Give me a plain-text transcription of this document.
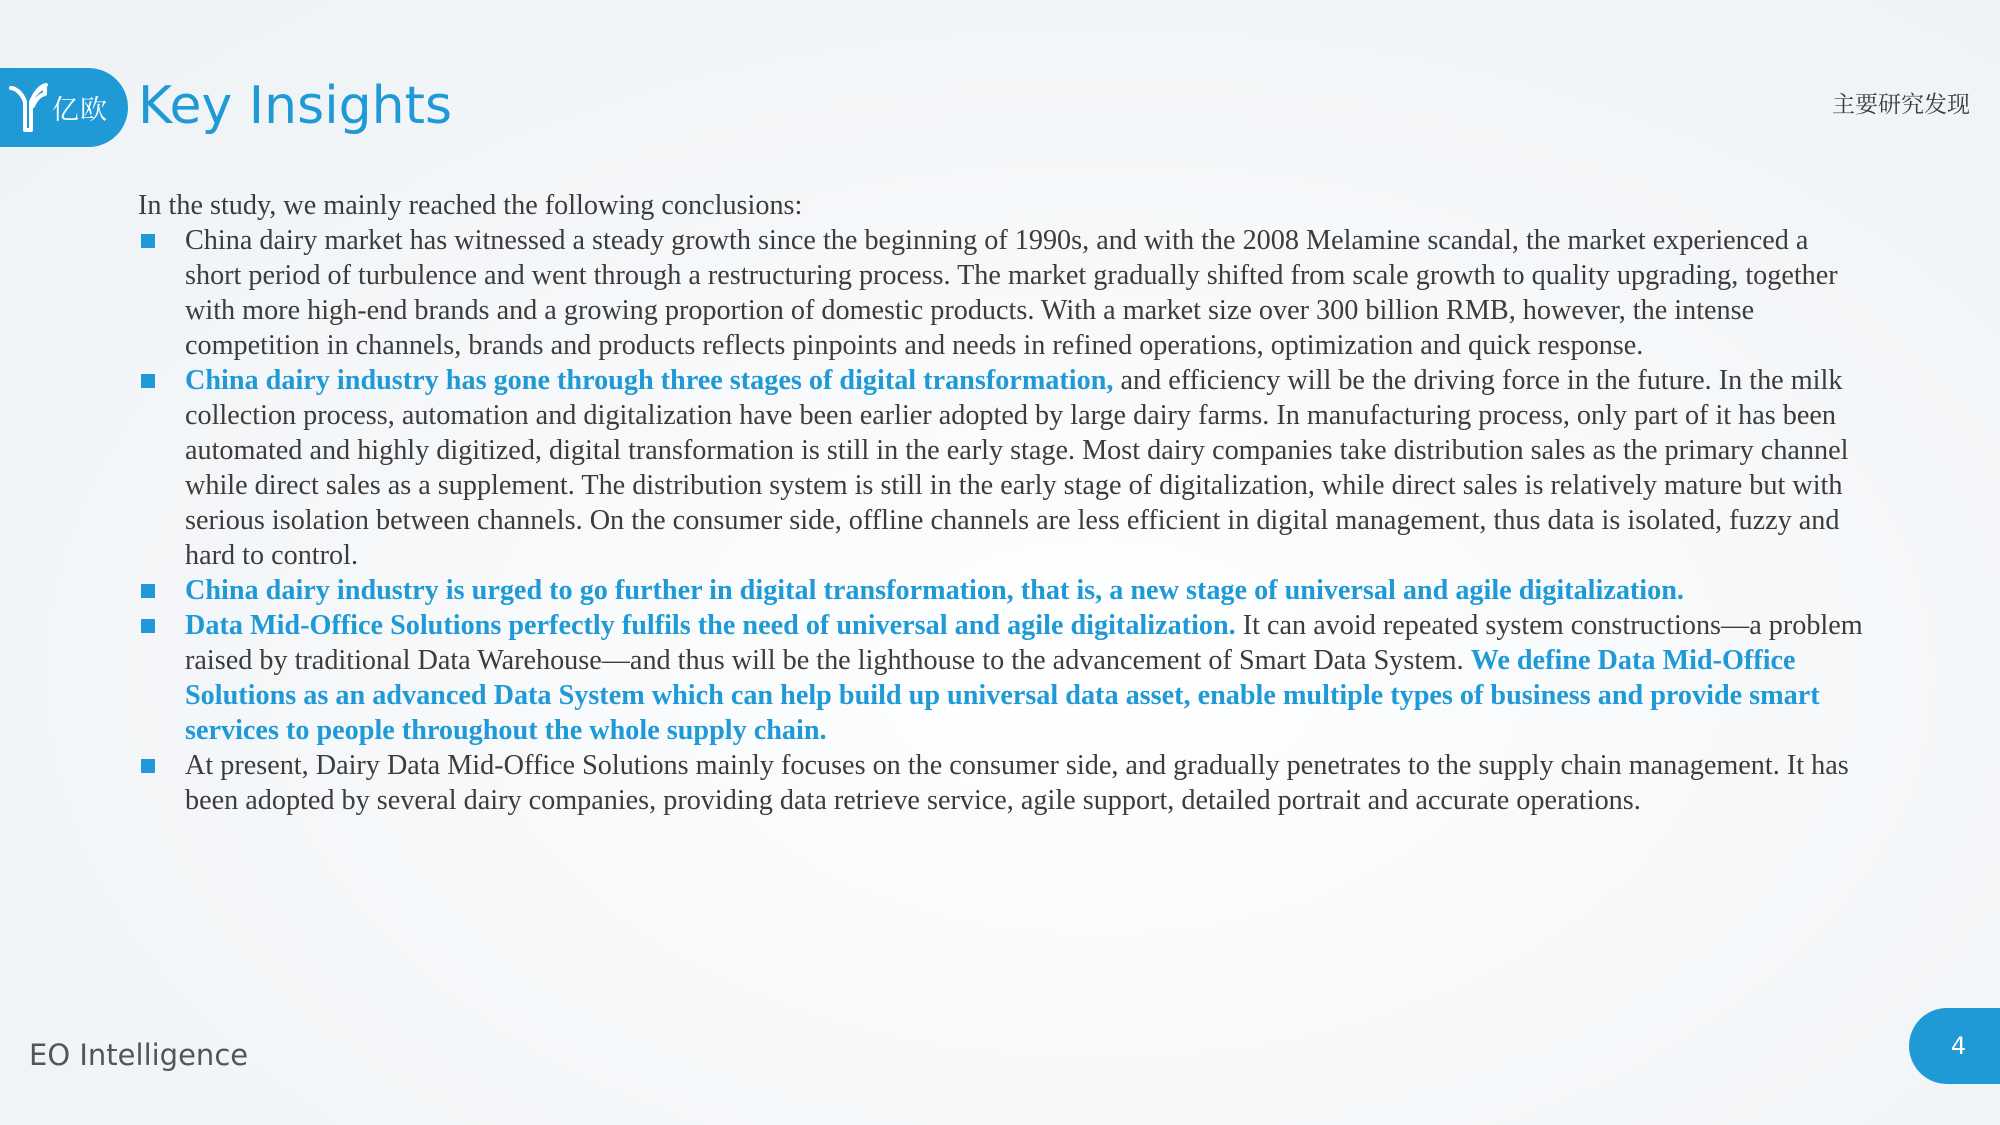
亿欧 Key Insights	主要研究发现

In the study, we mainly reached the following conclusions:

China dairy market has witnessed a steady growth since the beginning of 1990s, and with the 2008 Melamine scandal, the market experienced a short period of turbulence and went through a restructuring process. The market gradually shifted from scale growth to quality upgrading, together with more high-end brands and a growing proportion of domestic products. With a market size over 300 billion RMB, however, the intense competition in channels, brands and products reflects pinpoints and needs in refined operations, optimization and quick response.
China dairy industry has gone through three stages of digital transformation, and efficiency will be the driving force in the future. In the milk collection process, automation and digitalization have been earlier adopted by large dairy farms. In manufacturing process, only part of it has been automated and highly digitized, digital transformation is still in the early stage. Most dairy companies take distribution sales as the primary channel while direct sales as a supplement. The distribution system is still in the early stage of digitalization, while direct sales is relatively mature but with serious isolation between channels. On the consumer side, offline channels are less efficient in digital management, thus data is isolated, fuzzy and hard to control.
China dairy industry is urged to go further in digital transformation, that is, a new stage of universal and agile digitalization.
Data Mid-Office Solutions perfectly fulfils the need of universal and agile digitalization. It can avoid repeated system constructions—a problem raised by traditional Data Warehouse—and thus will be the lighthouse to the advancement of Smart Data System. We define Data Mid-Office Solutions as an advanced Data System which can help build up universal data asset, enable multiple types of business and provide smart services to people throughout the whole supply chain.
At present, Dairy Data Mid-Office Solutions mainly focuses on the consumer side, and gradually penetrates to the supply chain management. It has been adopted by several dairy companies, providing data retrieve service, agile support, detailed portrait and accurate operations.
EO Intelligence	4
